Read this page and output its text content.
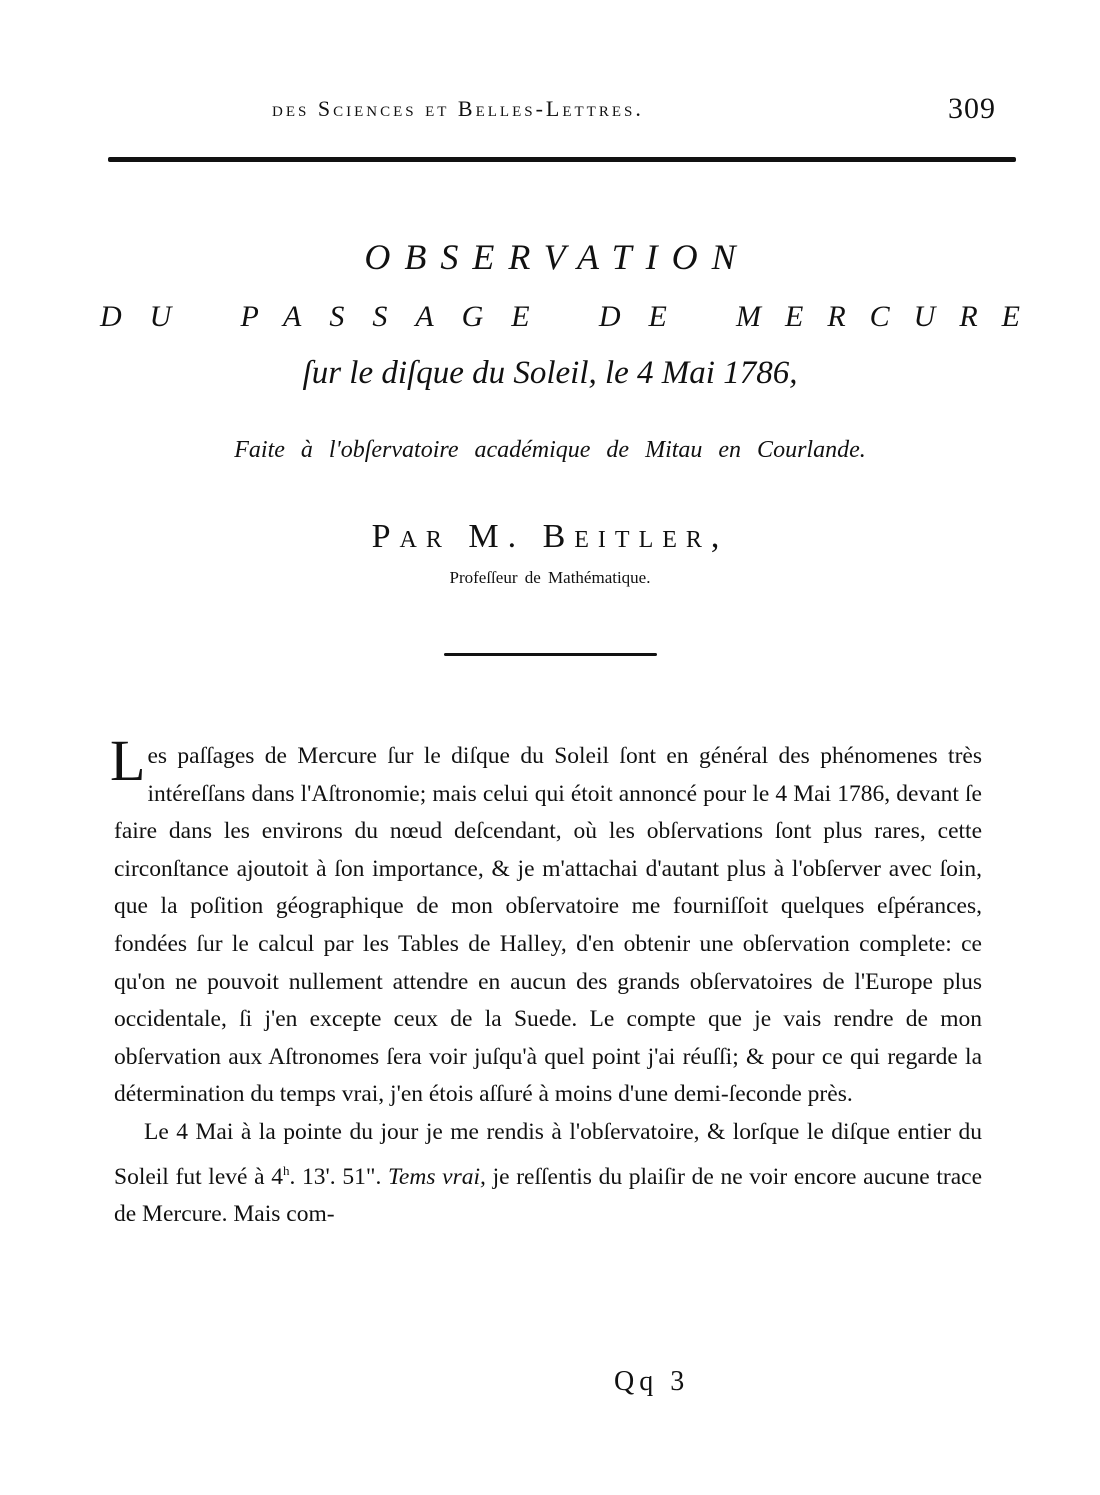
des Sciences et Belles-Lettres.	309
OBSERVATION
DU PASSAGE DE MERCURE
ſur le diſque du Soleil, le 4 Mai 1786,
Faite à l'obſervatoire académique de Mitau en Courlande.
Par M. Beitler,
Profeſſeur de Mathématique.

Les paſſages de Mercure ſur le diſque du Soleil ſont en général des phénomenes très intéreſſans dans l'Aſtronomie; mais celui qui étoit annoncé pour le 4 Mai 1786, devant ſe faire dans les environs du nœud deſcendant, où les obſervations ſont plus rares, cette circonſtance ajoutoit à ſon importance, & je m'attachai d'autant plus à l'obſerver avec ſoin, que la poſition géographique de mon obſervatoire me fourniſſoit quelques eſpérances, fondées ſur le calcul par les Tables de Halley, d'en obtenir une obſervation complete: ce qu'on ne pouvoit nullement attendre en aucun des grands obſervatoires de l'Europe plus occidentale, ſi j'en excepte ceux de la Suede. Le compte que je vais rendre de mon obſervation aux Aſtronomes ſera voir juſqu'à quel point j'ai réuſſi; & pour ce qui regarde la détermination du temps vrai, j'en étois aſſuré à moins d'une demi-ſeconde près.

Le 4 Mai à la pointe du jour je me rendis à l'obſervatoire, & lorſque le diſque entier du Soleil fut levé à 4$^h$. 13'. 51". Tems vrai, je reſſentis du plaiſir de ne voir encore aucune trace de Mercure. Mais com-

Qq 3
